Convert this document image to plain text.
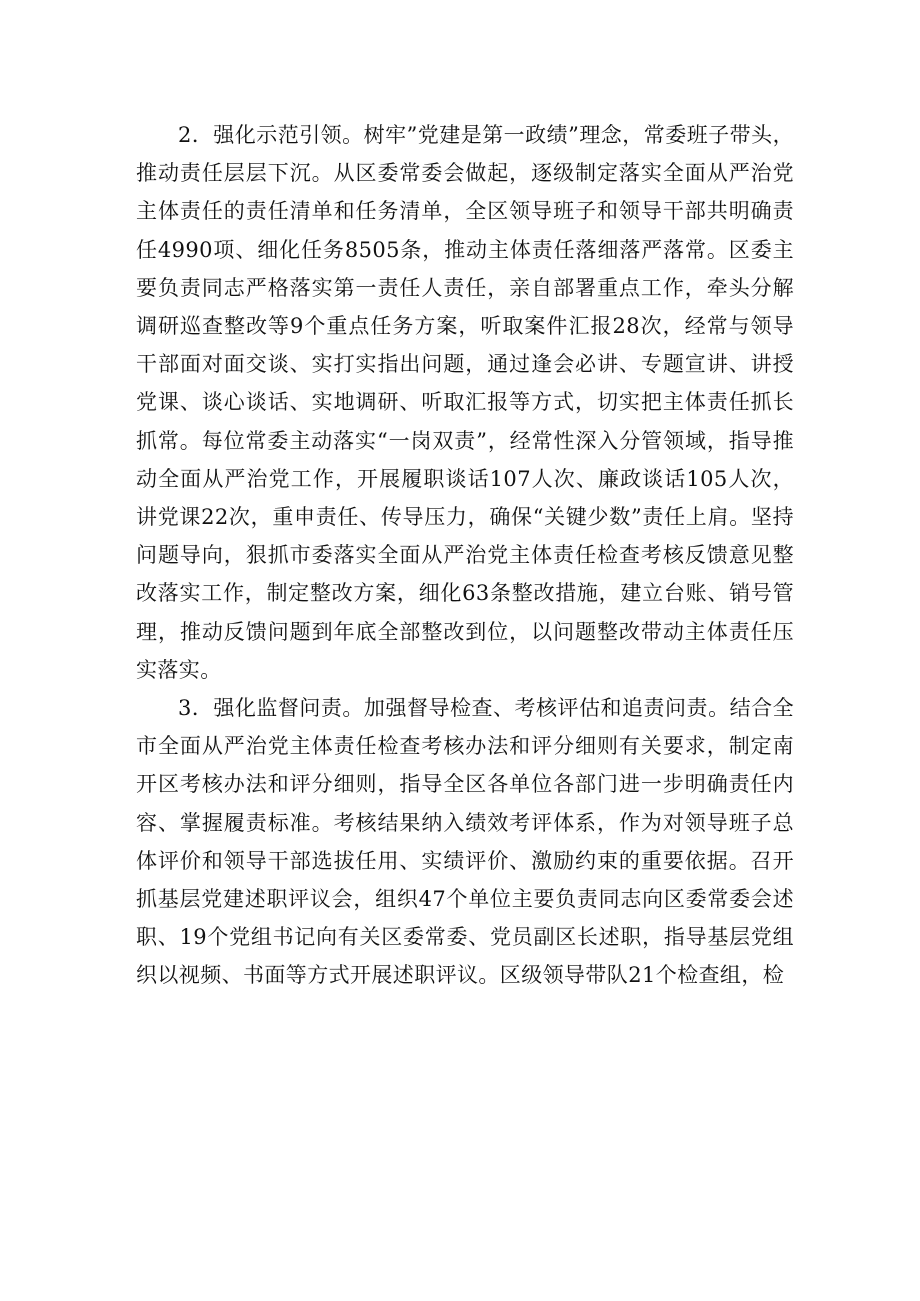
2．强化示范引领。树牢”党建是第一政绩”理念，常委班子带头，推动责任层层下沉。从区委常委会做起，逐级制定落实全面从严治党主体责任的责任清单和任务清单，全区领导班子和领导干部共明确责任4990项、细化任务8505条，推动主体责任落细落严落常。区委主要负责同志严格落实第一责任人责任，亲自部署重点工作，牵头分解调研巡查整改等9个重点任务方案，听取案件汇报28次，经常与领导干部面对面交谈、实打实指出问题，通过逢会必讲、专题宣讲、讲授党课、谈心谈话、实地调研、听取汇报等方式，切实把主体责任抓长抓常。每位常委主动落实“一岗双责”，经常性深入分管领域，指导推动全面从严治党工作，开展履职谈话107人次、廉政谈话105人次，讲党课22次，重申责任、传导压力，确保“关键少数”责任上肩。坚持问题导向，狠抓市委落实全面从严治党主体责任检查考核反馈意见整改落实工作，制定整改方案，细化63条整改措施，建立台账、销号管理，推动反馈问题到年底全部整改到位，以问题整改带动主体责任压实落实。

3．强化监督问责。加强督导检查、考核评估和追责问责。结合全市全面从严治党主体责任检查考核办法和评分细则有关要求，制定南开区考核办法和评分细则，指导全区各单位各部门进一步明确责任内容、掌握履责标准。考核结果纳入绩效考评体系，作为对领导班子总体评价和领导干部选拔任用、实绩评价、激励约束的重要依据。召开抓基层党建述职评议会，组织47个单位主要负责同志向区委常委会述职、19个党组书记向有关区委常委、党员副区长述职，指导基层党组织以视频、书面等方式开展述职评议。区级领导带队21个检查组，检
